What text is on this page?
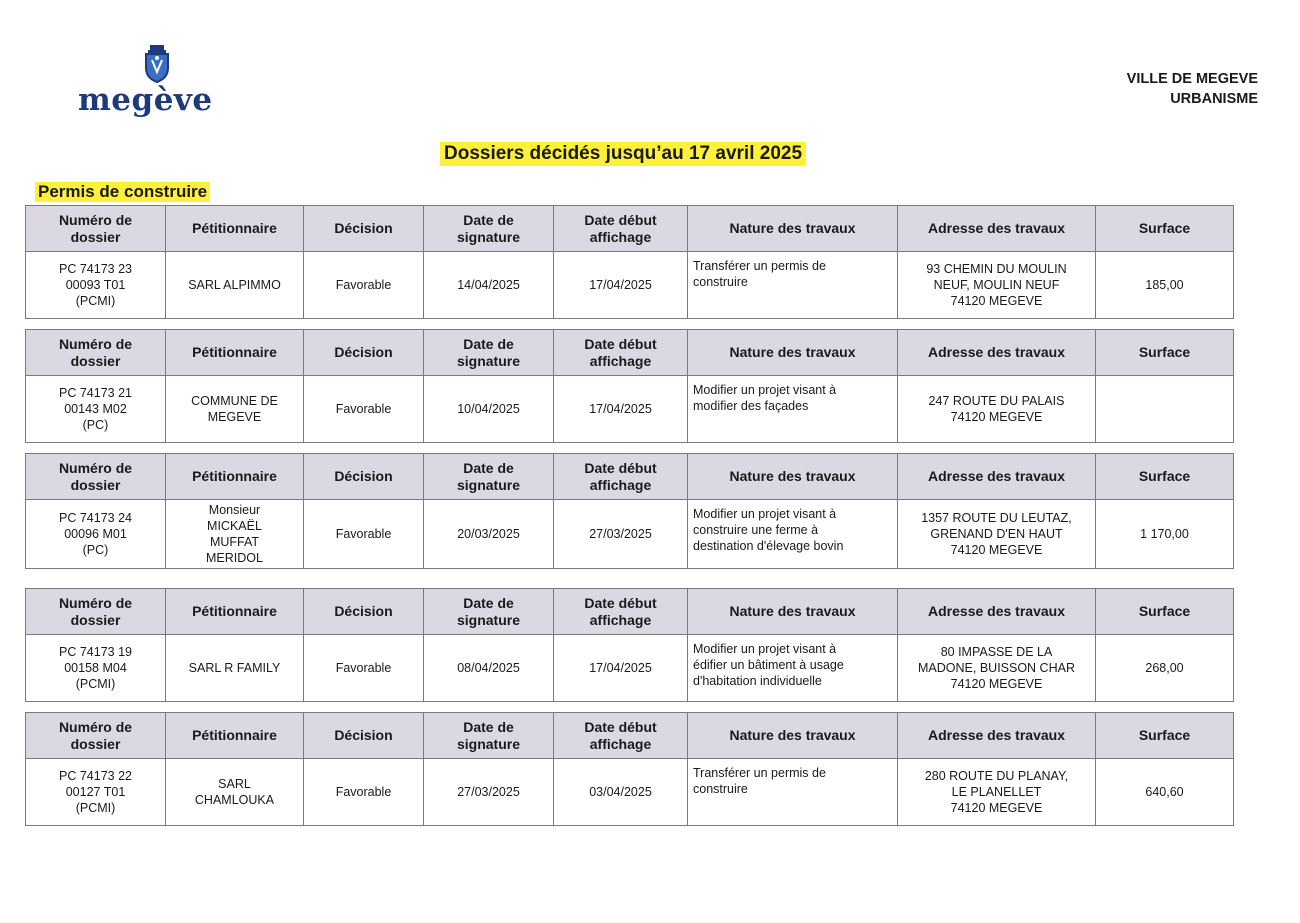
megève
VILLE DE MEGEVE
URBANISME
Dossiers décidés jusqu’au 17 avril 2025
Permis de construire
Numéro de
dossier	Pétitionnaire	Décision	Date de
signature	Date début
affichage	Nature des travaux	Adresse des travaux	Surface
PC 74173 23
00093 T01
(PCMI)	SARL ALPIMMO	Favorable	14/04/2025	17/04/2025	Transférer un permis de
construire	93 CHEMIN DU MOULIN
NEUF, MOULIN NEUF
74120 MEGEVE	185,00
Numéro de
dossier	Pétitionnaire	Décision	Date de
signature	Date début
affichage	Nature des travaux	Adresse des travaux	Surface
PC 74173 21
00143 M02
(PC)	COMMUNE DE
MEGEVE	Favorable	10/04/2025	17/04/2025	Modifier un projet visant à
modifier des façades	247 ROUTE DU PALAIS
74120 MEGEVE	
Numéro de
dossier	Pétitionnaire	Décision	Date de
signature	Date début
affichage	Nature des travaux	Adresse des travaux	Surface
PC 74173 24
00096 M01
(PC)	Monsieur
MICKAËL
MUFFAT
MERIDOL	Favorable	20/03/2025	27/03/2025	Modifier un projet visant à
construire une ferme à
destination d'élevage bovin	1357 ROUTE DU LEUTAZ,
GRENAND D'EN HAUT
74120 MEGEVE	1 170,00
Numéro de
dossier	Pétitionnaire	Décision	Date de
signature	Date début
affichage	Nature des travaux	Adresse des travaux	Surface
PC 74173 19
00158 M04
(PCMI)	SARL R FAMILY	Favorable	08/04/2025	17/04/2025	Modifier un projet visant à
édifier un bâtiment à usage
d'habitation individuelle	80 IMPASSE DE LA
MADONE, BUISSON CHAR
74120 MEGEVE	268,00
Numéro de
dossier	Pétitionnaire	Décision	Date de
signature	Date début
affichage	Nature des travaux	Adresse des travaux	Surface
PC 74173 22
00127 T01
(PCMI)	SARL
CHAMLOUKA	Favorable	27/03/2025	03/04/2025	Transférer un permis de
construire	280 ROUTE DU PLANAY,
LE PLANELLET
74120 MEGEVE	640,60
